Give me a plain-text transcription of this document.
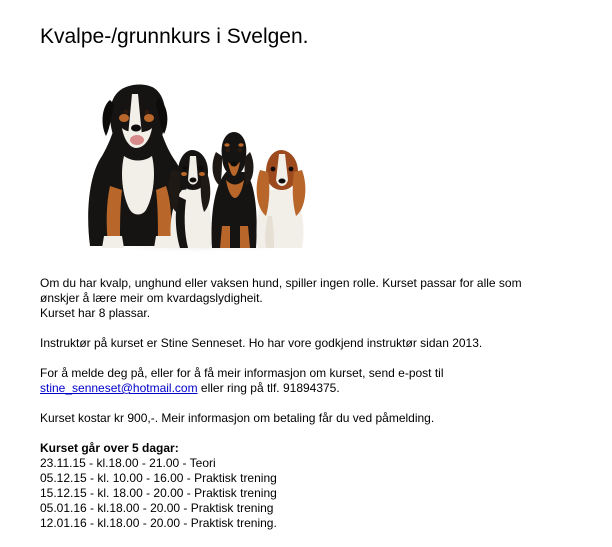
Kvalpe-/grunnkurs i Svelgen.

Om du har kvalp, unghund eller vaksen hund, spiller ingen rolle. Kurset passar for alle som

ønskjer å lære meir om kvardagslydigheit.

Kurset har 8 plassar.

Instruktør på kurset er Stine Senneset. Ho har vore godkjend instruktør sidan 2013.

For å melde deg på, eller for å få meir informasjon om kurset, send e-post til

stine_senneset@hotmail.com eller ring på tlf. 91894375.

Kurset kostar kr 900,-. Meir informasjon om betaling får du ved påmelding.

Kurset går over 5 dagar:

23.11.15 - kl.18.00 - 21.00 - Teori

05.12.15 - kl. 10.00 - 16.00 - Praktisk trening

15.12.15 - kl. 18.00 - 20.00 - Praktisk trening

05.01.16 - kl.18.00 - 20.00 - Praktisk trening

12.01.16 - kl.18.00 - 20.00 - Praktisk trening.
